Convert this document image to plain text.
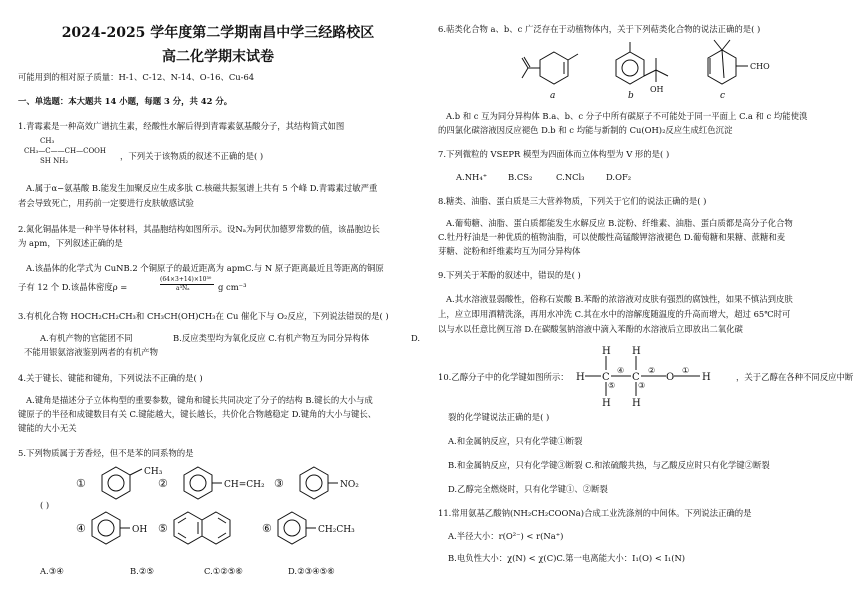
2024-2025 学年度第二学期南昌中学三经路校区
高二化学期末试卷
可能用到的相对原子质量：H-1、C-12、N-14、O-16、Cu-64
一、单选题：本大题共 14 小题，每题 3 分，共 42 分。
1.青霉素是一种高效广谱抗生素，经酸性水解后得到青霉素氨基酸分子，其结构简式如图
CH₃
CH₃—C——CH—COOH
SH NH₂	，下列关于该物质的叙述不正确的是( )
A.属于α−氨基酸 B.能发生加聚反应生成多肽 C.核磁共振氢谱上共有 5 个峰 D.青霉素过敏严重
者会导致死亡，用药前一定要进行皮肤敏感试验
2.氮化铜晶体是一种半导体材料，其晶胞结构如图所示。设Nₐ为阿伏加德罗常数的值，该晶胞边长
为 apm，下列叙述正确的是
A.该晶体的化学式为 CuNB.2 个铜原子的最近距离为 apmC.与 N 原子距离最近且等距离的铜原
子有 12 个 D.该晶体密度ρ =
(64×3+14)×10³⁰
a³Nₐ	g cm⁻³
3.有机化合物 HOCH₂CH₂CH₃和 CH₃CH(OH)CH₃在 Cu 催化下与 O₂反应，下列说法错误的是( )
A.有机产物的官能团不同	B.反应类型均为氧化反应 C.有机产物互为同分异构体	D.
不能用银氨溶液鉴别两者的有机产物
4.关于键长、键能和键角，下列说法不正确的是( )
A.键角是描述分子立体构型的重要参数，键角和键长共同决定了分子的结构 B.键长的大小与成
键原子的半径和成键数目有关 C.键能越大，键长越长，共价化合物越稳定 D.键角的大小与键长、
键能的大小无关
5.下列物质属于芳香烃，但不是苯的同系物的是
( )
①
CH₃
②	CH=CH₂ ③	NO₂
④	OH ⑤	⑥	CH₂CH₃
A.③④	B.②⑤	C.①②⑤⑥	D.②③④⑤⑥
6.萜类化合物 a、b、c 广泛存在于动植物体内，关于下列萜类化合物的说法正确的是( )
OH
CHO
a	b	c
A.b 和 c 互为同分异构体 B.a、b、c 分子中所有碳原子不可能处于同一平面上 C.a 和 c 均能使溴
的四氯化碳溶液因反应褪色 D.b 和 c 均能与新制的 Cu(OH)₂反应生成红色沉淀
7.下列微粒的 VSEPR 模型为四面体而立体构型为 V 形的是( )
A.NH₄⁺ B.CS₂	C.NCl₃	D.OF₂
8.糖类、油脂、蛋白质是三大营养物质，下列关于它们的说法正确的是( )
A.葡萄糖、油脂、蛋白质都能发生水解反应 B.淀粉、纤维素、油脂、蛋白质都是高分子化合物
C.牡丹籽油是一种优质的植物油脂，可以使酸性高锰酸钾溶液褪色 D.葡萄糖和果糖、蔗糖和麦
芽糖、淀粉和纤维素均互为同分异构体
9.下列关于苯酚的叙述中，错误的是( )
A.其水溶液显弱酸性，俗称石炭酸 B.苯酚的浓溶液对皮肤有强烈的腐蚀性，如果不慎沾到皮肤
上，应立即用酒精洗涤，再用水冲洗 C.其在水中的溶解度随温度的升高而增大，超过 65℃时可
以与水以任意比例互溶 D.在碳酸氢钠溶液中滴入苯酚的水溶液后立即放出二氧化碳
10.乙醇分子中的化学键如图所示：
H H
H C C	O	H
H H
④
⑤	③
②	①
，关于乙醇在各种不同反应中断
裂的化学键说法正确的是( )
A.和金属钠反应，只有化学键①断裂
B.和金属钠反应，只有化学键③断裂 C.和浓硫酸共热，与乙酸反应时只有化学键②断裂
D.乙醇完全燃烧时，只有化学键①、②断裂
11.常用氨基乙酸钠(NH₂CH₂COONa)合成工业洗涤剂的中间体。下列说法正确的是
A.半径大小：r(O²⁻) < r(Na⁺)
B.电负性大小：χ(N) < χ(C)C.第一电离能大小：I₁(O) < I₁(N)
